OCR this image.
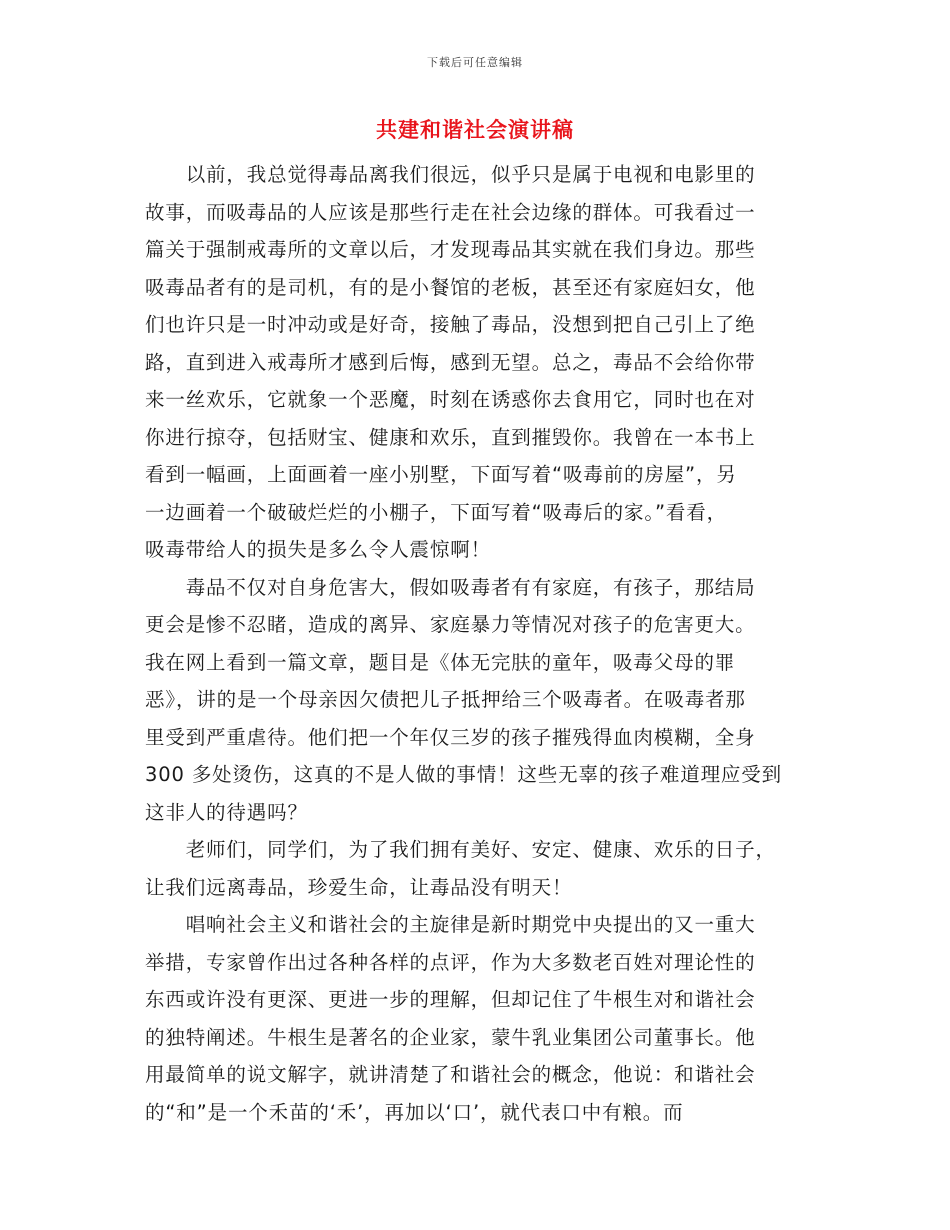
下载后可任意编辑
共建和谐社会演讲稿
　　以前，我总觉得毒品离我们很远，似乎只是属于电视和电影里的
故事，而吸毒品的人应该是那些行走在社会边缘的群体。可我看过一
篇关于强制戒毒所的文章以后，才发现毒品其实就在我们身边。那些
吸毒品者有的是司机，有的是小餐馆的老板，甚至还有家庭妇女，他
们也许只是一时冲动或是好奇，接触了毒品，没想到把自己引上了绝
路，直到进入戒毒所才感到后悔，感到无望。总之，毒品不会给你带
来一丝欢乐，它就象一个恶魔，时刻在诱惑你去食用它，同时也在对
你进行掠夺，包括财宝、健康和欢乐，直到摧毁你。我曾在一本书上
看到一幅画，上面画着一座小别墅，下面写着“吸毒前的房屋”，另
一边画着一个破破烂烂的小棚子，下面写着“吸毒后的家。”看看，
吸毒带给人的损失是多么令人震惊啊！
　　毒品不仅对自身危害大，假如吸毒者有有家庭，有孩子，那结局
更会是惨不忍睹，造成的离异、家庭暴力等情况对孩子的危害更大。
我在网上看到一篇文章，题目是《体无完肤的童年，吸毒父母的罪
恶》，讲的是一个母亲因欠债把儿子抵押给三个吸毒者。在吸毒者那
里受到严重虐待。他们把一个年仅三岁的孩子摧残得血肉模糊，全身
300 多处烫伤，这真的不是人做的事情！这些无辜的孩子难道理应受到
这非人的待遇吗？
　　老师们，同学们，为了我们拥有美好、安定、健康、欢乐的日子，
让我们远离毒品，珍爱生命，让毒品没有明天！
　　唱响社会主义和谐社会的主旋律是新时期党中央提出的又一重大
举措，专家曾作出过各种各样的点评，作为大多数老百姓对理论性的
东西或许没有更深、更进一步的理解，但却记住了牛根生对和谐社会
的独特阐述。牛根生是著名的企业家，蒙牛乳业集团公司董事长。他
用最简单的说文解字，就讲清楚了和谐社会的概念，他说：和谐社会
的“和”是一个禾苗的‘禾’，再加以‘口’，就代表口中有粮。而
